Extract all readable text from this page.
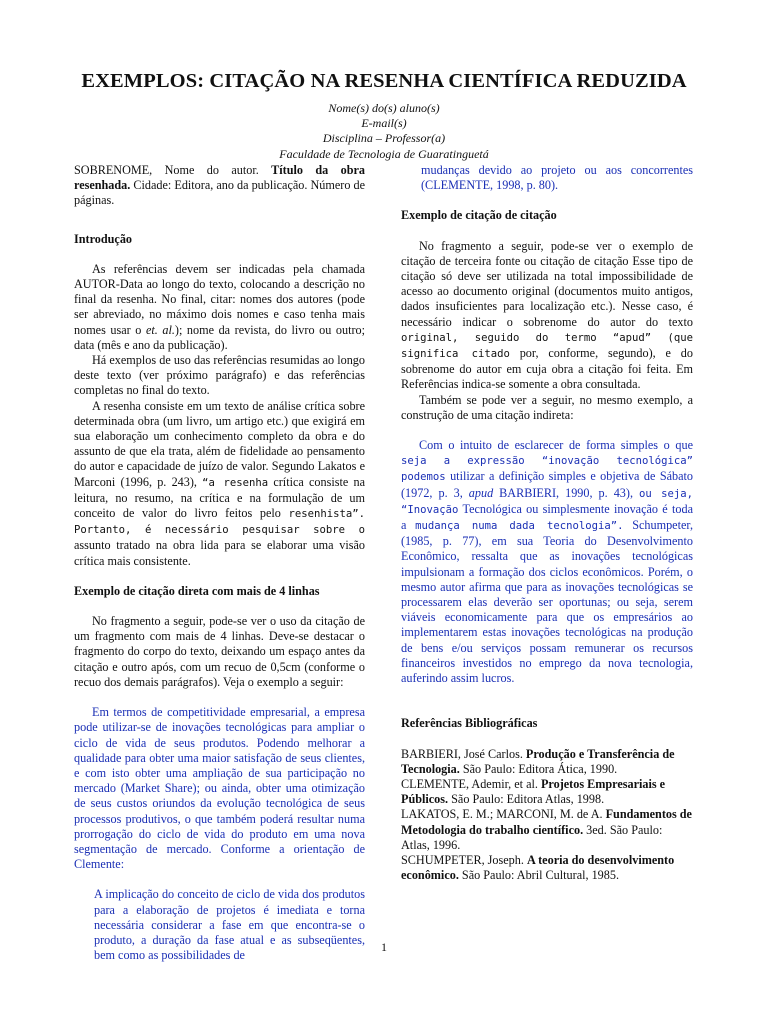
EXEMPLOS: CITAÇÃO NA RESENHA CIENTÍFICA REDUZIDA
Nome(s) do(s) aluno(s)
E-mail(s)
Disciplina – Professor(a)
Faculdade de Tecnologia de Guaratinguetá

SOBRENOME, Nome do autor. Título da obra resenhada. Cidade: Editora, ano da publicação. Número de páginas.

Introdução

As referências devem ser indicadas pela chamada AUTOR-Data ao longo do texto, colocando a descrição no final da resenha. No final, citar: nomes dos autores (pode ser abreviado, no máximo dois nomes e caso tenha mais nomes usar o et. al.); nome da revista, do livro ou outro; data (mês e ano da publicação).

Há exemplos de uso das referências resumidas ao longo deste texto (ver próximo parágrafo) e das referências completas no final do texto.

A resenha consiste em um texto de análise crítica sobre determinada obra (um livro, um artigo etc.) que exigirá em sua elaboração um conhecimento completo da obra e do assunto de que ela trata, além de fidelidade ao pensamento do autor e capacidade de juízo de valor. Segundo Lakatos e Marconi (1996, p. 243), “a resenha crítica consiste na leitura, no resumo, na crítica e na formulação de um conceito de valor do livro feitos pelo resenhista”. Portanto, é necessário pesquisar sobre o assunto tratado na obra lida para se elaborar uma visão crítica mais consistente.

Exemplo de citação direta com mais de 4 linhas

No fragmento a seguir, pode-se ver o uso da citação de um fragmento com mais de 4 linhas. Deve-se destacar o fragmento do corpo do texto, deixando um espaço antes da citação e outro após, com um recuo de 0,5cm (conforme o recuo dos demais parágrafos). Veja o exemplo a seguir:

Em termos de competitividade empresarial, a empresa pode utilizar-se de inovações tecnológicas para ampliar o ciclo de vida de seus produtos. Podendo melhorar a qualidade para obter uma maior satisfação de seus clientes, e com isto obter uma ampliação de sua participação no mercado (Market Share); ou ainda, obter uma otimização de seus custos oriundos da evolução tecnológica de seus processos produtivos, o que também poderá resultar numa prorrogação do ciclo de vida do produto em uma nova segmentação de mercado. Conforme a orientação de Clemente:

A implicação do conceito de ciclo de vida dos produtos para a elaboração de projetos é imediata e torna necessária considerar a fase em que encontra-se o produto, a duração da fase atual e as subseqüentes, bem como as possibilidades de

mudanças devido ao projeto ou aos concorrentes (CLEMENTE, 1998, p. 80).

Exemplo de citação de citação

No fragmento a seguir, pode-se ver o exemplo de citação de terceira fonte ou citação de citação Esse tipo de citação só deve ser utilizada na total impossibilidade de acesso ao documento original (documentos muito antigos, dados insuficientes para localização etc.). Nesse caso, é necessário indicar o sobrenome do autor do texto original, seguido do termo “apud” (que significa citado por, conforme, segundo), e do sobrenome do autor em cuja obra a citação foi feita. Em Referências indica-se somente a obra consultada.

Também se pode ver a seguir, no mesmo exemplo, a construção de uma citação indireta:

Com o intuito de esclarecer de forma simples o que seja a expressão “inovação tecnológica” podemos utilizar a definição simples e objetiva de Sábato (1972, p. 3, apud BARBIERI, 1990, p. 43), ou seja, “Inovação Tecnológica ou simplesmente inovação é toda a mudança numa dada tecnologia”. Schumpeter, (1985, p. 77), em sua Teoria do Desenvolvimento Econômico, ressalta que as inovações tecnológicas impulsionam a formação dos ciclos econômicos. Porém, o mesmo autor afirma que para as inovações tecnológicas se processarem elas deverão ser oportunas; ou seja, serem viáveis economicamente para que os empresários ao implementarem estas inovações tecnológicas na produção de bens e/ou serviços possam remunerar os recursos financeiros investidos no emprego da nova tecnologia, auferindo assim lucros.

Referências Bibliográficas

BARBIERI, José Carlos. Produção e Transferência de Tecnologia. São Paulo: Editora Ática, 1990.

CLEMENTE, Ademir, et al. Projetos Empresariais e Públicos. São Paulo: Editora Atlas, 1998.

LAKATOS, E. M.; MARCONI, M. de A. Fundamentos de Metodologia do trabalho científico. 3ed. São Paulo: Atlas, 1996.

SCHUMPETER, Joseph. A teoria do desenvolvimento econômico. São Paulo: Abril Cultural, 1985.

1
